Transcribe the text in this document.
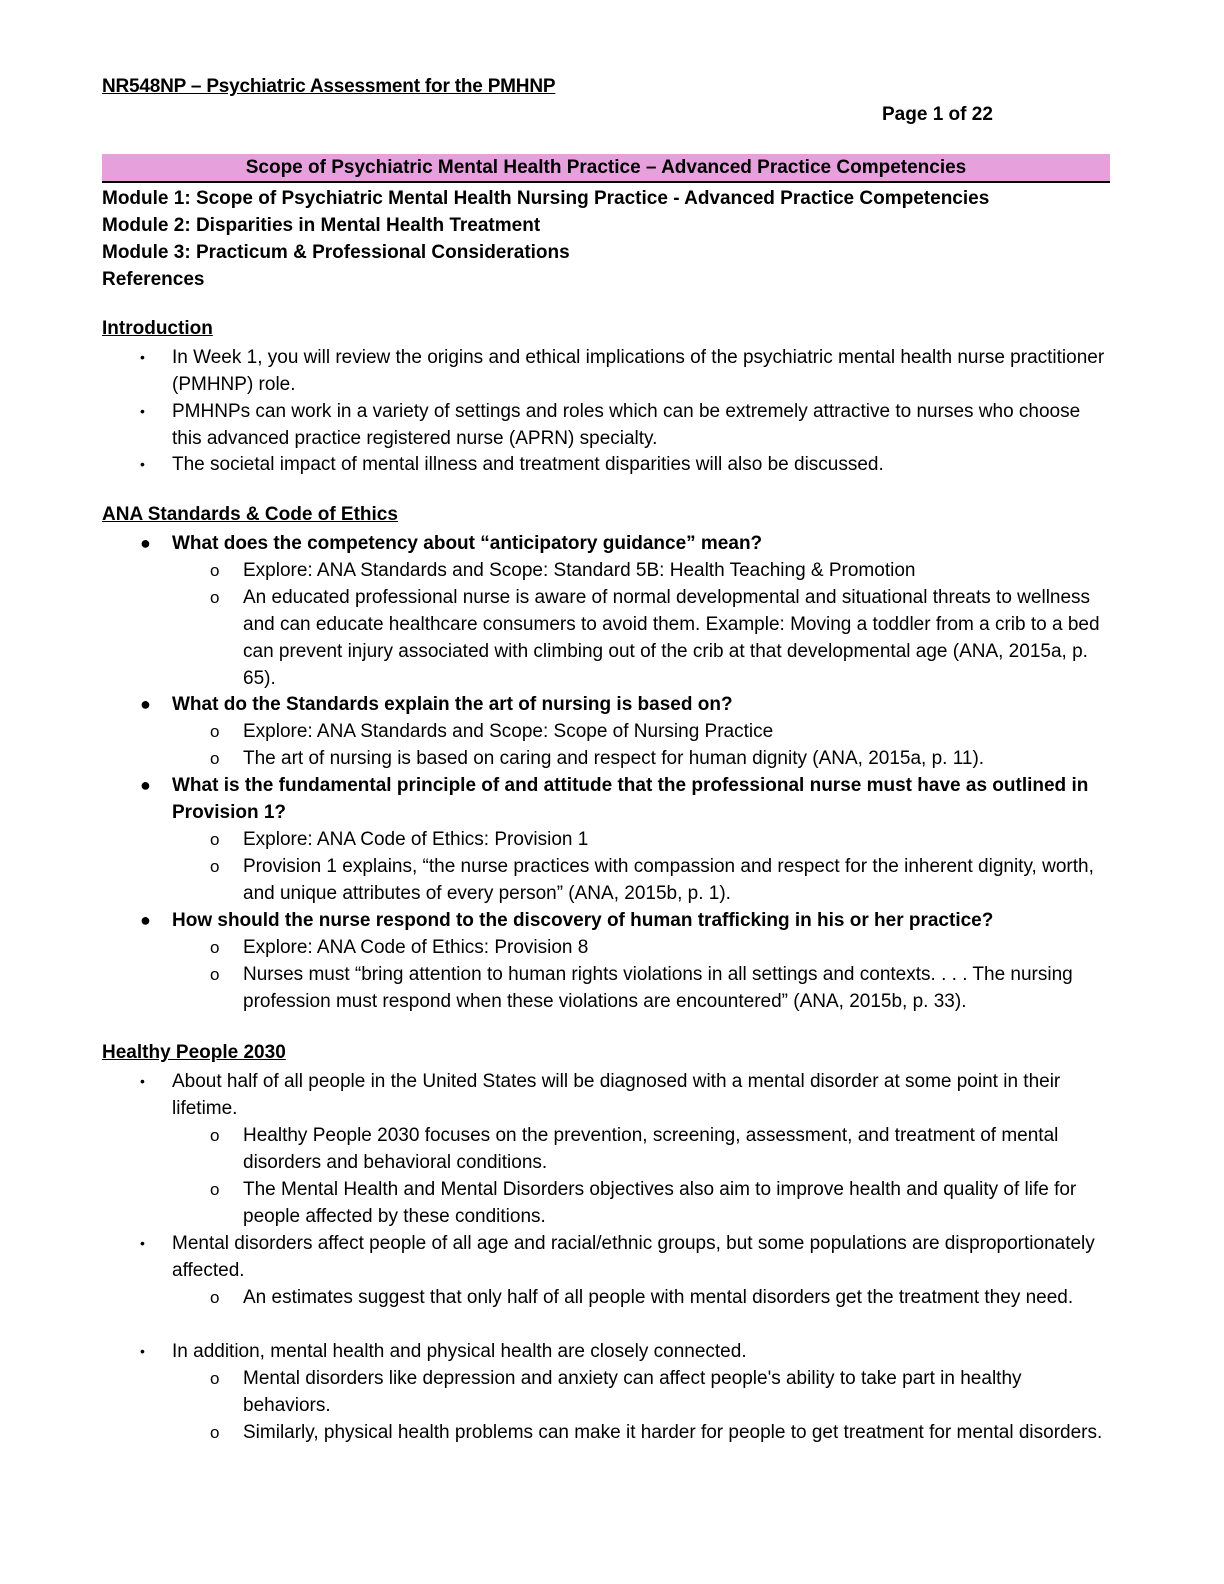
NR548NP – Psychiatric Assessment for the PMHNP
Page 1 of 22
Scope of Psychiatric Mental Health Practice – Advanced Practice Competencies
Module 1: Scope of Psychiatric Mental Health Nursing Practice - Advanced Practice Competencies
Module 2: Disparities in Mental Health Treatment
Module 3: Practicum & Professional Considerations
References
Introduction
• In Week 1, you will review the origins and ethical implications of the psychiatric mental health nurse practitioner (PMHNP) role.
• PMHNPs can work in a variety of settings and roles which can be extremely attractive to nurses who choose this advanced practice registered nurse (APRN) specialty.
• The societal impact of mental illness and treatment disparities will also be discussed.
ANA Standards & Code of Ethics
● What does the competency about “anticipatory guidance” mean?
o Explore: ANA Standards and Scope: Standard 5B: Health Teaching & Promotion
o An educated professional nurse is aware of normal developmental and situational threats to wellness and can educate healthcare consumers to avoid them. Example: Moving a toddler from a crib to a bed can prevent injury associated with climbing out of the crib at that developmental age (ANA, 2015a, p. 65).
● What do the Standards explain the art of nursing is based on?
o Explore: ANA Standards and Scope: Scope of Nursing Practice
o The art of nursing is based on caring and respect for human dignity (ANA, 2015a, p. 11).
● What is the fundamental principle of and attitude that the professional nurse must have as outlined in Provision 1?
o Explore: ANA Code of Ethics: Provision 1
o Provision 1 explains, “the nurse practices with compassion and respect for the inherent dignity, worth, and unique attributes of every person” (ANA, 2015b, p. 1).
● How should the nurse respond to the discovery of human trafficking in his or her practice?
o Explore: ANA Code of Ethics: Provision 8
o Nurses must “bring attention to human rights violations in all settings and contexts. . . . The nursing profession must respond when these violations are encountered” (ANA, 2015b, p. 33).
Healthy People 2030
• About half of all people in the United States will be diagnosed with a mental disorder at some point in their lifetime.
o Healthy People 2030 focuses on the prevention, screening, assessment, and treatment of mental disorders and behavioral conditions.
o The Mental Health and Mental Disorders objectives also aim to improve health and quality of life for people affected by these conditions.
• Mental disorders affect people of all age and racial/ethnic groups, but some populations are disproportionately affected.
o An estimates suggest that only half of all people with mental disorders get the treatment they need.
• In addition, mental health and physical health are closely connected.
o Mental disorders like depression and anxiety can affect people's ability to take part in healthy behaviors.
o Similarly, physical health problems can make it harder for people to get treatment for mental disorders.
